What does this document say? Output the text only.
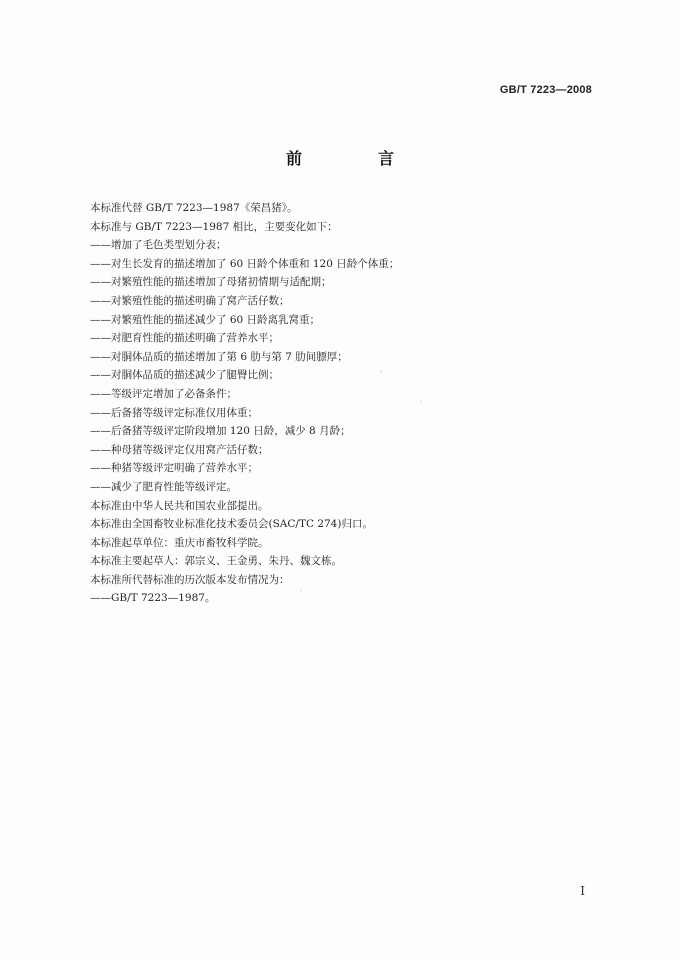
GB/T 7223—2008
前　言
本标准代替 GB/T 7223—1987《荣昌猪》。
本标准与 GB/T 7223—1987 相比，主要变化如下：
——增加了毛色类型划分表；
——对生长发育的描述增加了 60 日龄个体重和 120 日龄个体重；
——对繁殖性能的描述增加了母猪初情期与适配期；
——对繁殖性能的描述明确了窝产活仔数；
——对繁殖性能的描述减少了 60 日龄离乳窝重；
——对肥育性能的描述明确了营养水平；
——对胴体品质的描述增加了第 6 肋与第 7 肋间膘厚；
——对胴体品质的描述减少了腿臀比例；
——等级评定增加了必备条件；
——后备猪等级评定标准仅用体重；
——后备猪等级评定阶段增加 120 日龄，减少 8 月龄；
——种母猪等级评定仅用窝产活仔数；
——种猪等级评定明确了营养水平；
——减少了肥育性能等级评定。
本标准由中华人民共和国农业部提出。
本标准由全国畜牧业标准化技术委员会(SAC/TC 274)归口。
本标准起草单位：重庆市畜牧科学院。
本标准主要起草人：郭宗义、王金勇、朱丹、魏文栋。
本标准所代替标准的历次版本发布情况为：
——GB/T 7223—1987。
I
